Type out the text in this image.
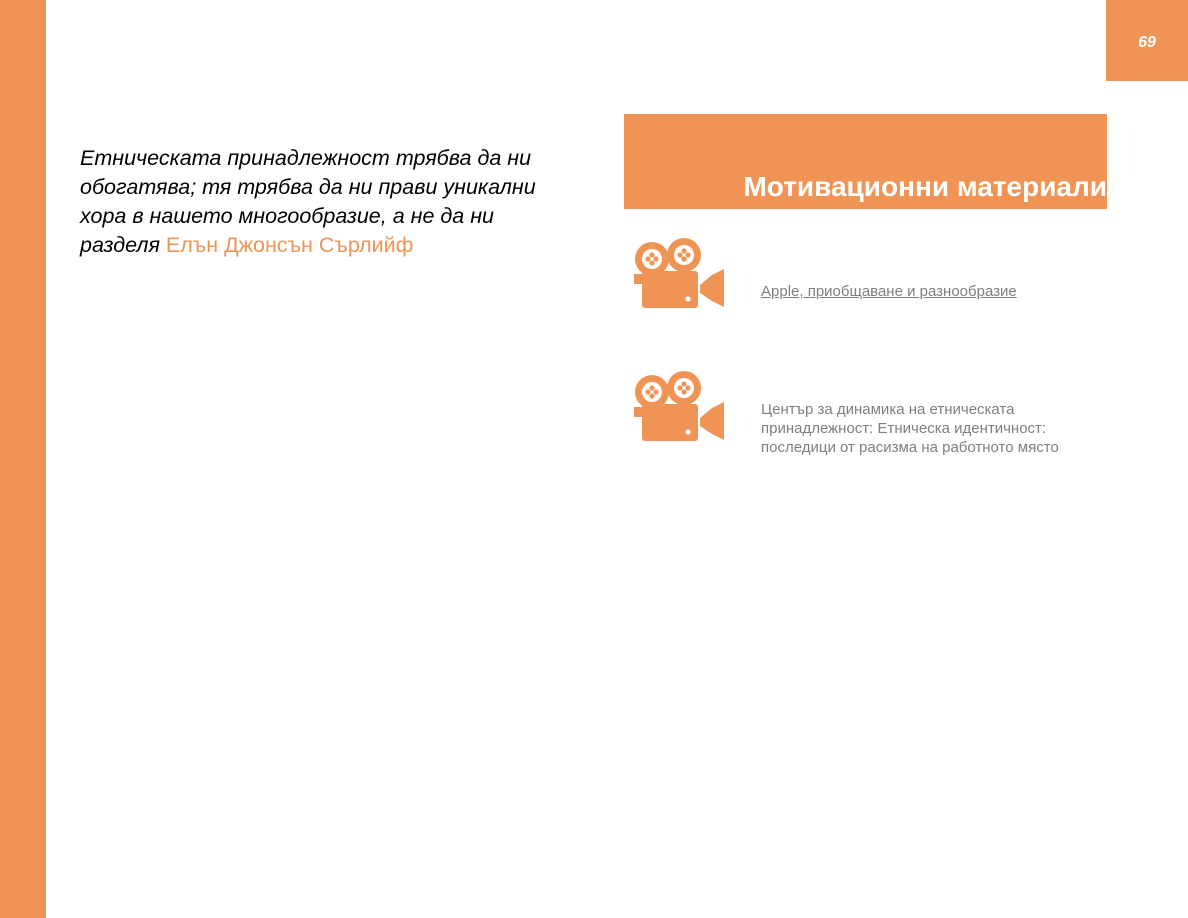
69
Етническата принадлежност трябва да ни обогатява; тя трябва да ни прави уникални хора в нашето многообразие, а не да ни разделя Елън Джонсън Сърлийф
Мотивационни материали
Apple, приобщаване и разнообразие
Център за динамика на етническата принадлежност: Етническа идентичност: последици от расизма на работното място
